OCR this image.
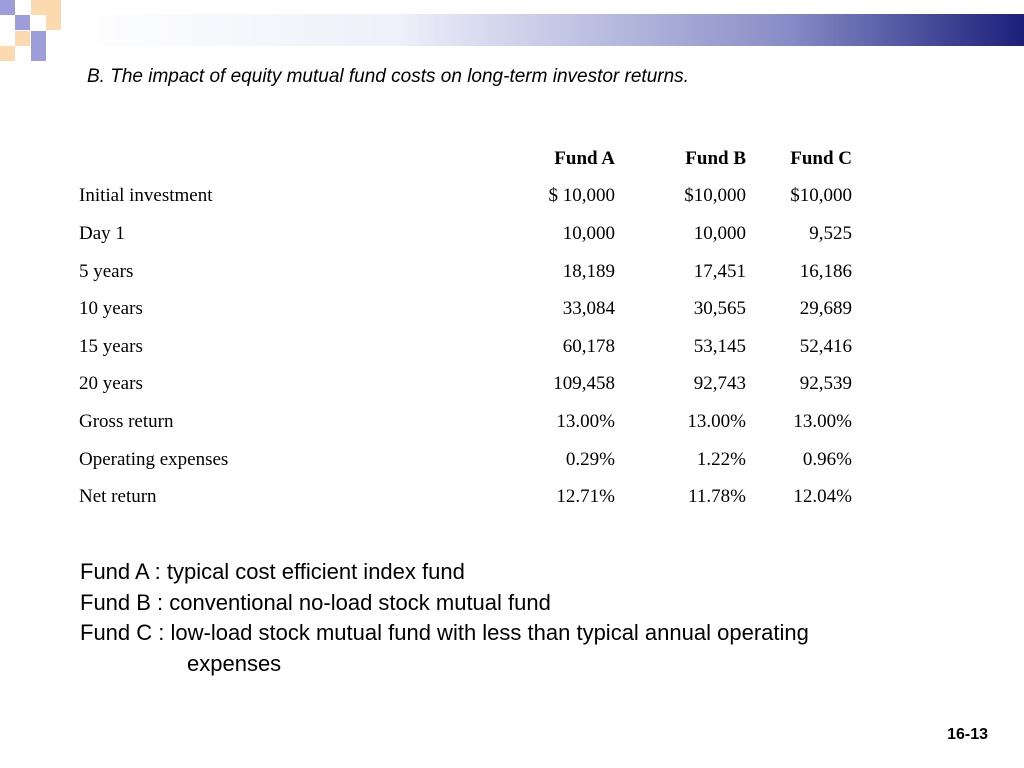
B. The impact of equity mutual fund costs on long-term investor returns.
	Fund A	Fund B	Fund C
Initial investment	$ 10,000	$10,000	$10,000
Day 1	10,000	10,000	9,525
5 years	18,189	17,451	16,186
10 years	33,084	30,565	29,689
15 years	60,178	53,145	52,416
20 years	109,458	92,743	92,539
Gross return	13.00%	13.00%	13.00%
Operating expenses	0.29%	1.22%	0.96%
Net return	12.71%	11.78%	12.04%
Fund A : typical cost efficient index fund
Fund B : conventional no-load stock mutual fund
Fund C : low-load stock mutual fund with less than typical annual operating
expenses
16-13
